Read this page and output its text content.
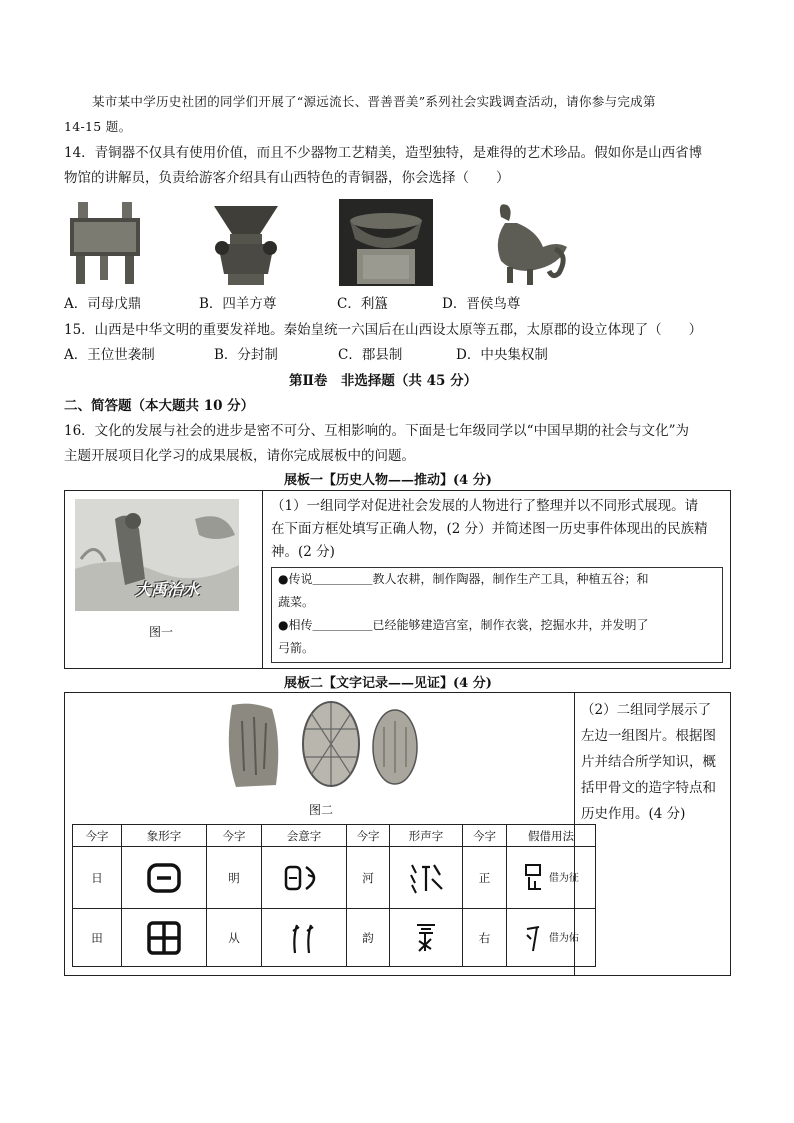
某市某中学历史社团的同学们开展了“源远流长、晋善晋美”系列社会实践调查活动，请你参与完成第
14-15 题。
14．青铜器不仅具有使用价值，而且不少器物工艺精美，造型独特，是难得的艺术珍品。假如你是山西省博
物馆的讲解员，负责给游客介绍具有山西特色的青铜器，你会选择（　　）
A．司母戊鼎	B．四羊方尊	C．利簋	D．晋侯鸟尊
15．山西是中华文明的重要发祥地。秦始皇统一六国后在山西设太原等五郡，太原郡的设立体现了（　　）
A．王位世袭制	B．分封制	C．郡县制	D．中央集权制
第Ⅱ卷　非选择题（共 45 分）
二、简答题（本大题共 10 分）
16．文化的发展与社会的进步是密不可分、互相影响的。下面是七年级同学以“中国早期的社会与文化”为
主题开展项目化学习的成果展板，请你完成展板中的问题。
展板一【历史人物——推动】(4 分)
大禹治水
图一
（1）一组同学对促进社会发展的人物进行了整理并以不同形式展现。请
在下面方框处填写正确人物，(2 分）并简述图一历史事件体现出的民族精
神。(2 分)
●传说＿＿＿＿＿教人农耕，制作陶器，制作生产工具，种植五谷；和
蔬菜。
●相传＿＿＿＿＿已经能够建造宫室，制作衣裳，挖掘水井，并发明了
弓箭。
展板二【文字记录——见证】(4 分)
图二
今字	象形字	今字	会意字	今字	形声字	今字	假借用法
日		明		河		正	借为征
田		从		韵		右	借为佑
（2）二组同学展示了
左边一组图片。根据图
片并结合所学知识，概
括甲骨文的造字特点和
历史作用。(4 分)
